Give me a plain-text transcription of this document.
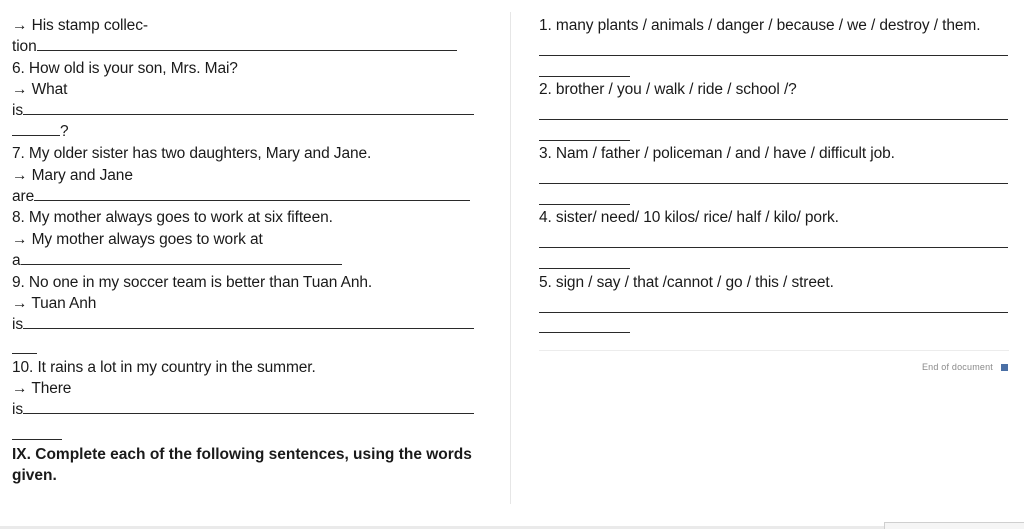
→ His stamp collec-
tion
6. How old is your son, Mrs. Mai?
→ What
is
?
7. My older sister has two daughters, Mary and Jane.
→ Mary and Jane
are
8. My mother always goes to work at six fifteen.
→ My mother always goes to work at
a
9. No one in my soccer team is better than Tuan Anh.
→ Tuan Anh
is
10. It rains a lot in my country in the summer.
→ There
is
IX. Complete each of the following sentences, using the words given.
1. many plants / animals / danger / because / we / destroy / them.
2. brother / you / walk / ride / school /?
3. Nam / father / policeman / and / have / difficult job.
4. sister/ need/ 10 kilos/ rice/ half / kilo/ pork.
5. sign / say / that /cannot / go / this / street.
End of document
